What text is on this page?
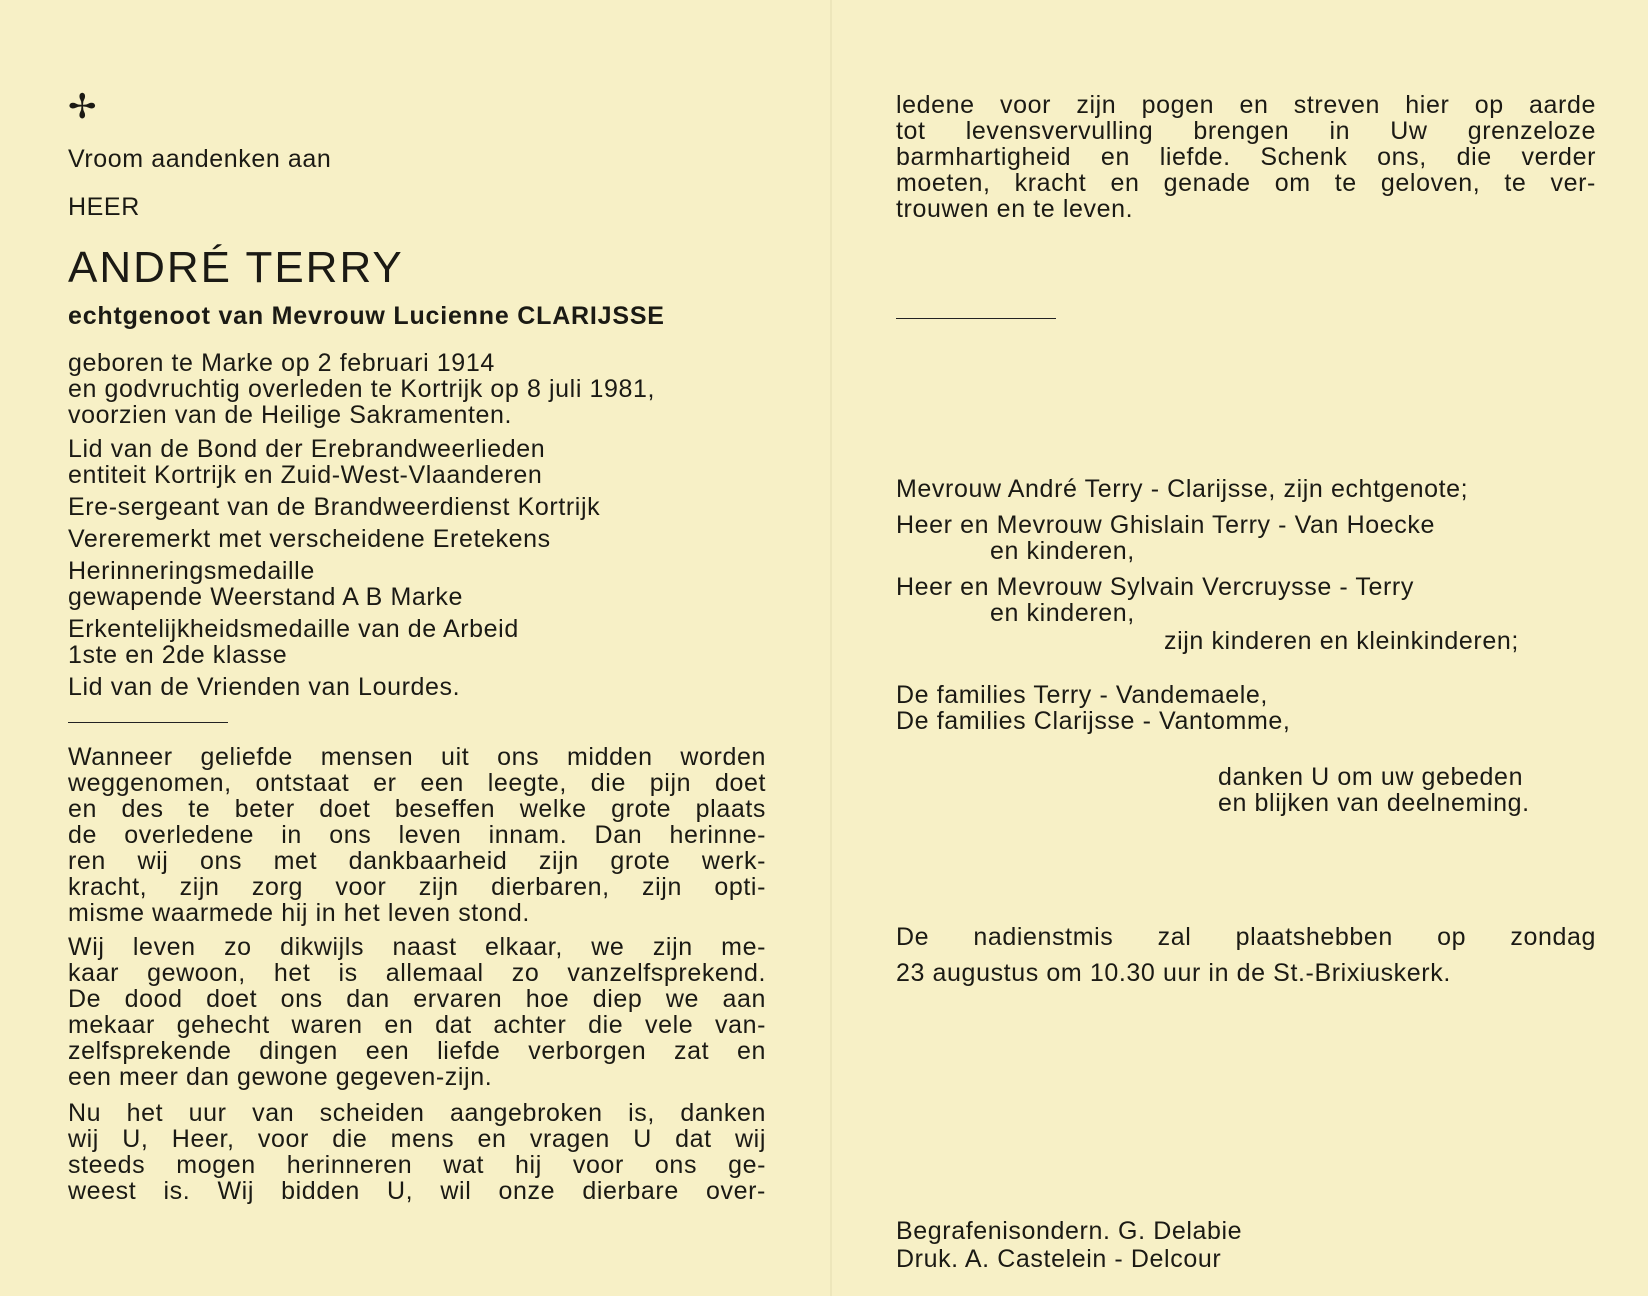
✢
Vroom aandenken aan
HEER
ANDRÉ TERRY
echtgenoot van Mevrouw Lucienne CLARIJSSE
geboren te Marke op 2 februari 1914
en godvruchtig overleden te Kortrijk op 8 juli 1981,
voorzien van de Heilige Sakramenten.
Lid van de Bond der Erebrandweerlieden
entiteit Kortrijk en Zuid-West-Vlaanderen
Ere-sergeant van de Brandweerdienst Kortrijk
Vereremerkt met verscheidene Eretekens
Herinneringsmedaille
gewapende Weerstand A B Marke
Erkentelijkheidsmedaille van de Arbeid
1ste en 2de klasse
Lid van de Vrienden van Lourdes.
Wanneer geliefde mensen uit ons midden worden
weggenomen, ontstaat er een leegte, die pijn doet
en des te beter doet beseffen welke grote plaats
de overledene in ons leven innam. Dan herinne-
ren wij ons met dankbaarheid zijn grote werk-
kracht, zijn zorg voor zijn dierbaren, zijn opti-
misme waarmede hij in het leven stond.
Wij leven zo dikwijls naast elkaar, we zijn me-
kaar gewoon, het is allemaal zo vanzelfsprekend.
De dood doet ons dan ervaren hoe diep we aan
mekaar gehecht waren en dat achter die vele van-
zelfsprekende dingen een liefde verborgen zat en
een meer dan gewone gegeven-zijn.
Nu het uur van scheiden aangebroken is, danken
wij U, Heer, voor die mens en vragen U dat wij
steeds mogen herinneren wat hij voor ons ge-
weest is. Wij bidden U, wil onze dierbare over-
ledene voor zijn pogen en streven hier op aarde
tot levensvervulling brengen in Uw grenzeloze
barmhartigheid en liefde. Schenk ons, die verder
moeten, kracht en genade om te geloven, te ver-
trouwen en te leven.
Mevrouw André Terry - Clarijsse, zijn echtgenote;
Heer en Mevrouw Ghislain Terry - Van Hoecke
en kinderen,
Heer en Mevrouw Sylvain Vercruysse - Terry
en kinderen,
zijn kinderen en kleinkinderen;
De families Terry - Vandemaele,
De families Clarijsse - Vantomme,
danken U om uw gebeden
en blijken van deelneming.
De nadienstmis zal plaatshebben op zondag
23 augustus om 10.30 uur in de St.-Brixiuskerk.
Begrafenisondern. G. Delabie
Druk. A. Castelein - Delcour
